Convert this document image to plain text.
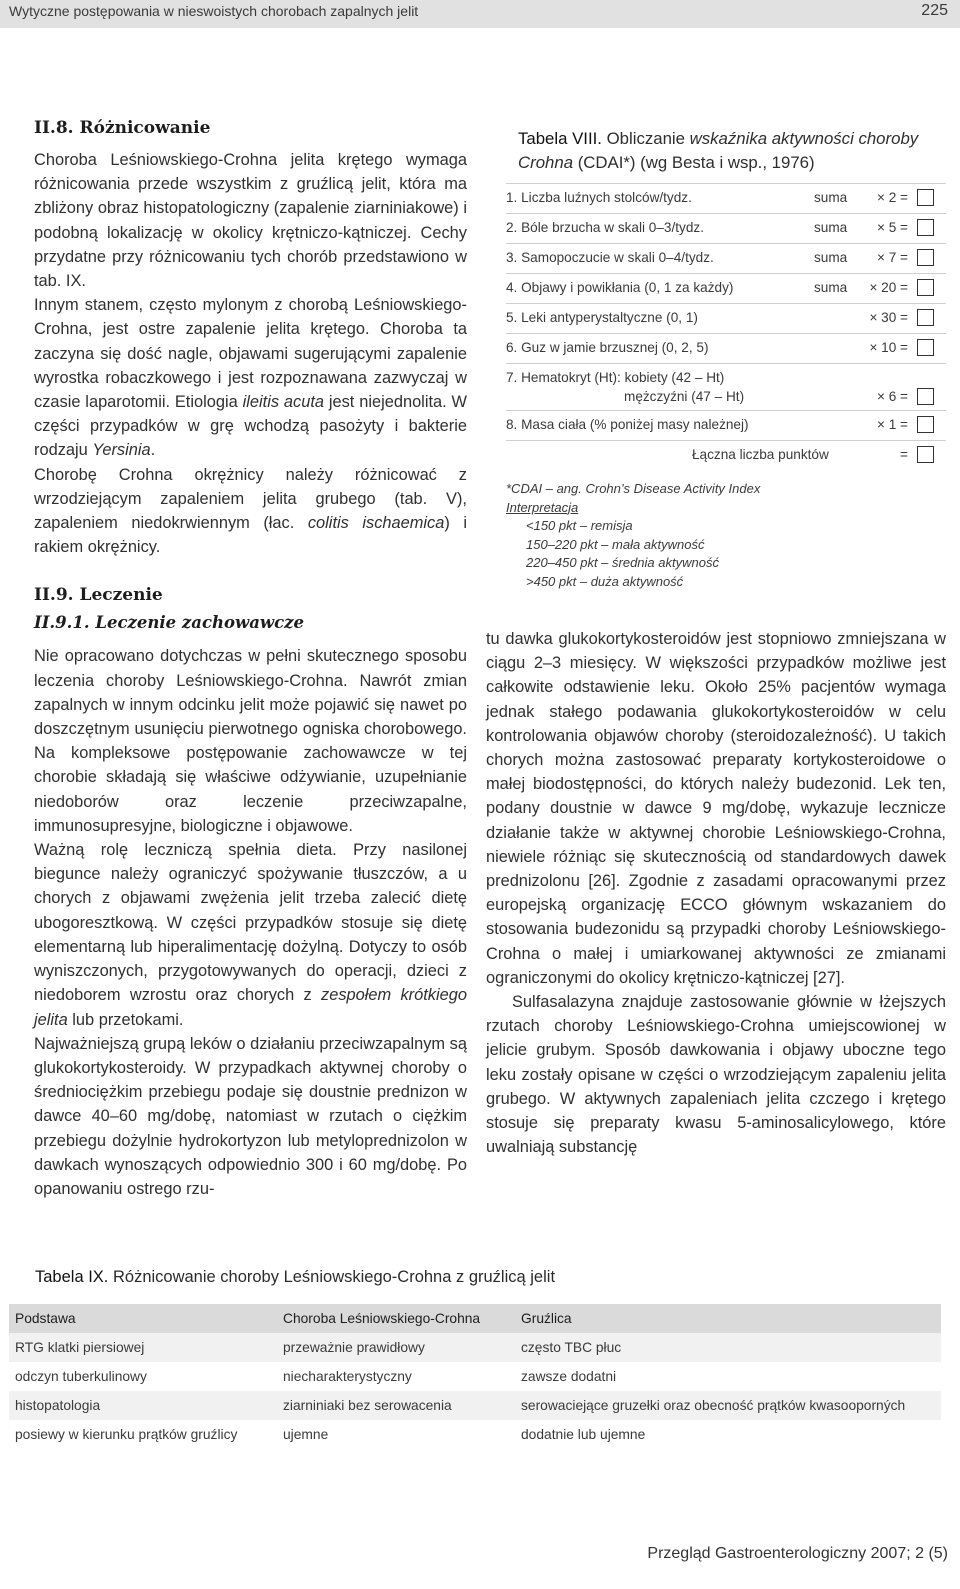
Wytyczne postępowania w nieswoistych chorobach zapalnych jelit	225
II.8. Różnicowanie

Choroba Leśniowskiego-Crohna jelita krętego wymaga różnicowania przede wszystkim z gruźlicą jelit, która ma zbliżony obraz histopatologiczny (zapalenie ziarniniakowe) i podobną lokalizację w okolicy krętniczo-kątniczej. Cechy przydatne przy różnicowaniu tych chorób przedstawiono w tab. IX.

Innym stanem, często mylonym z chorobą Leśniowskiego-Crohna, jest ostre zapalenie jelita krętego. Choroba ta zaczyna się dość nagle, objawami sugerującymi zapalenie wyrostka robaczkowego i jest rozpoznawana zazwyczaj w czasie laparotomii. Etiologia ileitis acuta jest niejednolita. W części przypadków w grę wchodzą pasożyty i bakterie rodzaju Yersinia.

Chorobę Crohna okrężnicy należy różnicować z wrzodziejącym zapaleniem jelita grubego (tab. V), zapaleniem niedokrwiennym (łac. colitis ischaemica) i rakiem okrężnicy.

II.9. Leczenie
II.9.1. Leczenie zachowawcze

Nie opracowano dotychczas w pełni skutecznego sposobu leczenia choroby Leśniowskiego-Crohna. Nawrót zmian zapalnych w innym odcinku jelit może pojawić się nawet po doszczętnym usunięciu pierwotnego ogniska chorobowego. Na kompleksowe postępowanie zachowawcze w tej chorobie składają się właściwe odżywianie, uzupełnianie niedoborów oraz leczenie przeciwzapalne, immunosupresyjne, biologiczne i objawowe.

Ważną rolę leczniczą spełnia dieta. Przy nasilonej biegunce należy ograniczyć spożywanie tłuszczów, a u chorych z objawami zwężenia jelit trzeba zalecić dietę ubogoresztkową. W części przypadków stosuje się dietę elementarną lub hiperalimentację dożylną. Dotyczy to osób wyniszczonych, przygotowywanych do operacji, dzieci z niedoborem wzrostu oraz chorych z zespołem krótkiego jelita lub przetokami.

Najważniejszą grupą leków o działaniu przeciwzapalnym są glukokortykosteroidy. W przypadkach aktywnej choroby o średniociężkim przebiegu podaje się doustnie prednizon w dawce 40–60 mg/dobę, natomiast w rzutach o ciężkim przebiegu dożylnie hydrokortyzon lub metyloprednizolon w dawkach wynoszących odpowiednio 300 i 60 mg/dobę. Po opanowaniu ostrego rzu-

Tabela VIII. Obliczanie wskaźnika aktywności choroby Crohna (CDAI*) (wg Besta i wsp., 1976)

1. Liczba luźnych stolców/tydz.	suma × 2 =
2. Bóle brzucha w skali 0–3/tydz.	suma × 5 =
3. Samopoczucie w skali 0–4/tydz.	suma × 7 =
4. Objawy i powikłania (0, 1 za każdy)	suma × 20 =
5. Leki antyperystaltyczne (0, 1)	× 30 =
6. Guz w jamie brzusznej (0, 2, 5)	× 10 =
7. Hematokryt (Ht): kobiety (42 – Ht)
mężczyźni (47 – Ht)	× 6 =
8. Masa ciała (% poniżej masy należnej)	× 1 =
Łączna liczba punktów	=
*CDAI – ang. Crohn’s Disease Activity Index
Interpretacja
<150 pkt – remisja
150–220 pkt – mała aktywność
220–450 pkt – średnia aktywność
>450 pkt – duża aktywność

tu dawka glukokortykosteroidów jest stopniowo zmniejszana w ciągu 2–3 miesięcy. W większości przypadków możliwe jest całkowite odstawienie leku. Około 25% pacjentów wymaga jednak stałego podawania glukokortykosteroidów w celu kontrolowania objawów choroby (steroidozależność). U takich chorych można zastosować preparaty kortykosteroidowe o małej biodostępności, do których należy budezonid. Lek ten, podany doustnie w dawce 9 mg/dobę, wykazuje lecznicze działanie także w aktywnej chorobie Leśniowskiego-Crohna, niewiele różniąc się skutecznością od standardowych dawek prednizolonu [26]. Zgodnie z zasadami opracowanymi przez europejską organizację ECCO głównym wskazaniem do stosowania budezonidu są przypadki choroby Leśniowskiego-Crohna o małej i umiarkowanej aktywności ze zmianami ograniczonymi do okolicy krętniczo-kątniczej [27].

Sulfasalazyna znajduje zastosowanie głównie w łżejszych rzutach choroby Leśniowskiego-Crohna umiejscowionej w jelicie grubym. Sposób dawkowania i objawy uboczne tego leku zostały opisane w części o wrzodziejącym zapaleniu jelita grubego. W aktywnych zapaleniach jelita czczego i krętego stosuje się preparaty kwasu 5-aminosalicylowego, które uwalniają substancję

Tabela IX. Różnicowanie choroby Leśniowskiego-Crohna z gruźlicą jelit
Podstawa	Choroba Leśniowskiego-Crohna	Gruźlica
RTG klatki piersiowej	przeważnie prawidłowy	często TBC płuc
odczyn tuberkulinowy	niecharakterystyczny	zawsze dodatni
histopatologia	ziarniniaki bez serowacenia	serowaciejące gruzełki oraz obecność prątków kwasooporných
posiewy w kierunku prątków gruźlicy	ujemne	dodatnie lub ujemne
Przegląd Gastroenterologiczny 2007; 2 (5)
